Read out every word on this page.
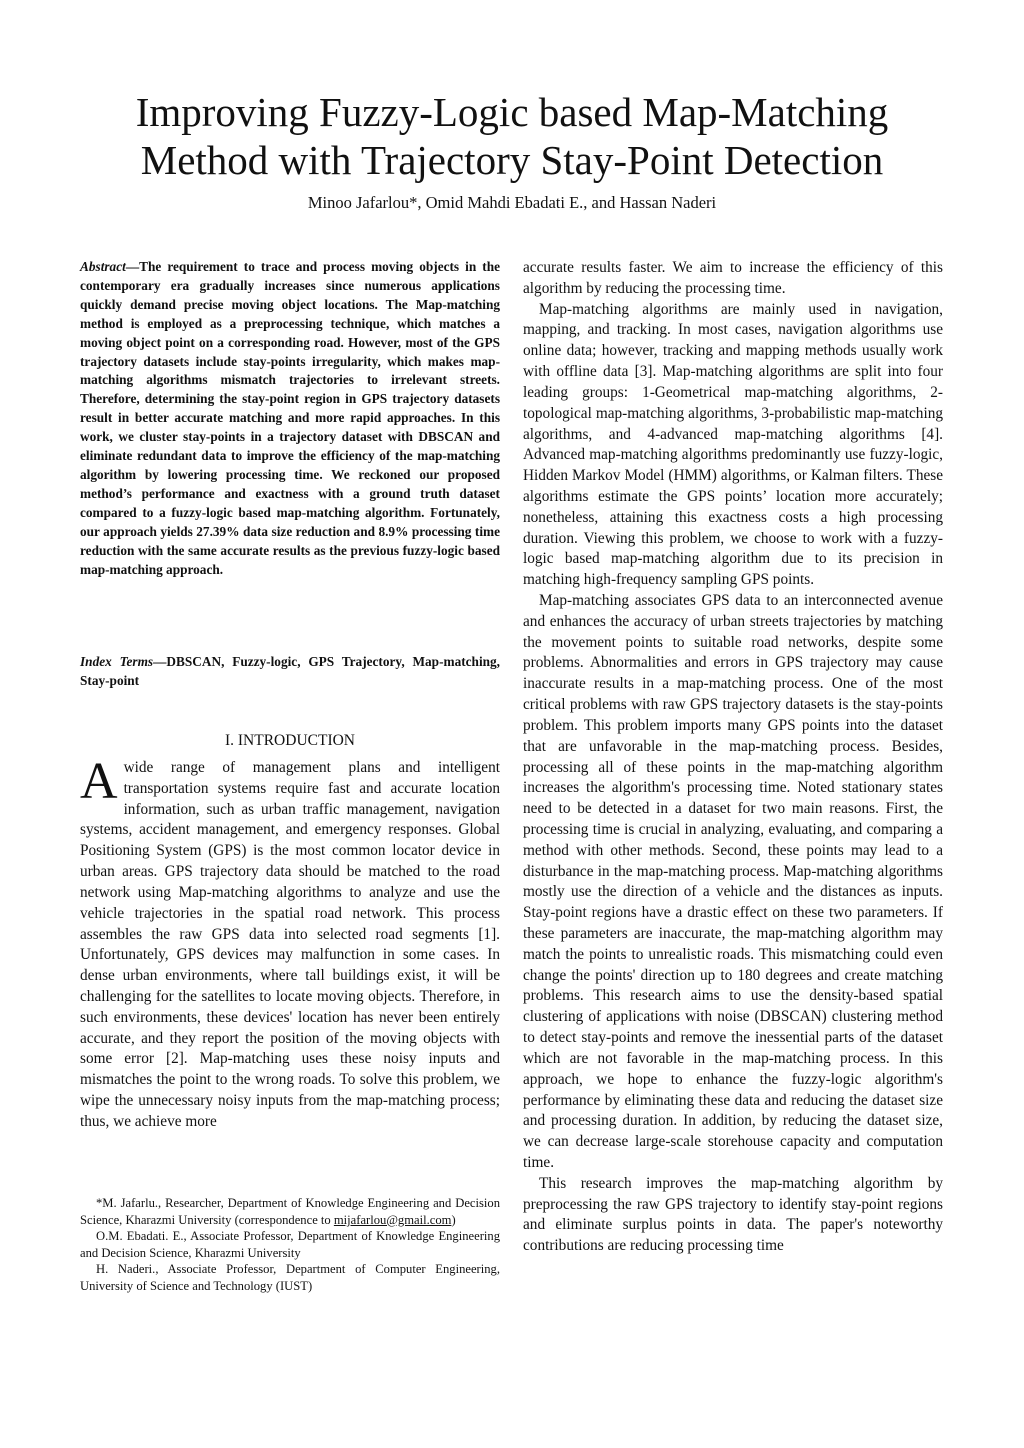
Improving Fuzzy-Logic based Map-Matching
Method with Trajectory Stay-Point Detection
Minoo Jafarlou*, Omid Mahdi Ebadati E., and Hassan Naderi
Abstract—The requirement to trace and process moving objects in the contemporary era gradually increases since numerous applications quickly demand precise moving object locations. The Map-matching method is employed as a preprocessing technique, which matches a moving object point on a corresponding road. However, most of the GPS trajectory datasets include stay-points irregularity, which makes map-matching algorithms mismatch trajectories to irrelevant streets. Therefore, determining the stay-point region in GPS trajectory datasets result in better accurate matching and more rapid approaches. In this work, we cluster stay-points in a trajectory dataset with DBSCAN and eliminate redundant data to improve the efficiency of the map-matching algorithm by lowering processing time. We reckoned our proposed method’s performance and exactness with a ground truth dataset compared to a fuzzy-logic based map-matching algorithm. Fortunately, our approach yields 27.39% data size reduction and 8.9% processing time reduction with the same accurate results as the previous fuzzy-logic based map-matching approach.
Index Terms—DBSCAN, Fuzzy-logic, GPS Trajectory, Map-matching, Stay-point
I. INTRODUCTION

Awide range of management plans and intelligent transportation systems require fast and accurate location information, such as urban traffic management, navigation systems, accident management, and emergency responses. Global Positioning System (GPS) is the most common locator device in urban areas. GPS trajectory data should be matched to the road network using Map-matching algorithms to analyze and use the vehicle trajectories in the spatial road network. This process assembles the raw GPS data into selected road segments [1]. Unfortunately, GPS devices may malfunction in some cases. In dense urban environments, where tall buildings exist, it will be challenging for the satellites to locate moving objects. Therefore, in such environments, these devices' location has never been entirely accurate, and they report the position of the moving objects with some error [2]. Map-matching uses these noisy inputs and mismatches the point to the wrong roads. To solve this problem, we wipe the unnecessary noisy inputs from the map-matching process; thus, we achieve more

*M. Jafarlu., Researcher, Department of Knowledge Engineering and Decision Science, Kharazmi University (correspondence to mijafarlou@gmail.com)

O.M. Ebadati. E., Associate Professor, Department of Knowledge Engineering and Decision Science, Kharazmi University

H. Naderi., Associate Professor, Department of Computer Engineering, University of Science and Technology (IUST)

accurate results faster. We aim to increase the efficiency of this algorithm by reducing the processing time.

Map-matching algorithms are mainly used in navigation, mapping, and tracking. In most cases, navigation algorithms use online data; however, tracking and mapping methods usually work with offline data [3]. Map-matching algorithms are split into four leading groups: 1-Geometrical map-matching algorithms, 2-topological map-matching algorithms, 3-probabilistic map-matching algorithms, and 4-advanced map-matching algorithms [4]. Advanced map-matching algorithms predominantly use fuzzy-logic, Hidden Markov Model (HMM) algorithms, or Kalman filters. These algorithms estimate the GPS points’ location more accurately; nonetheless, attaining this exactness costs a high processing duration. Viewing this problem, we choose to work with a fuzzy-logic based map-matching algorithm due to its precision in matching high-frequency sampling GPS points.

Map-matching associates GPS data to an interconnected avenue and enhances the accuracy of urban streets trajectories by matching the movement points to suitable road networks, despite some problems. Abnormalities and errors in GPS trajectory may cause inaccurate results in a map-matching process. One of the most critical problems with raw GPS trajectory datasets is the stay-points problem. This problem imports many GPS points into the dataset that are unfavorable in the map-matching process. Besides, processing all of these points in the map-matching algorithm increases the algorithm's processing time. Noted stationary states need to be detected in a dataset for two main reasons. First, the processing time is crucial in analyzing, evaluating, and comparing a method with other methods. Second, these points may lead to a disturbance in the map-matching process. Map-matching algorithms mostly use the direction of a vehicle and the distances as inputs. Stay-point regions have a drastic effect on these two parameters. If these parameters are inaccurate, the map-matching algorithm may match the points to unrealistic roads. This mismatching could even change the points' direction up to 180 degrees and create matching problems. This research aims to use the density-based spatial clustering of applications with noise (DBSCAN) clustering method to detect stay-points and remove the inessential parts of the dataset which are not favorable in the map-matching process. In this approach, we hope to enhance the fuzzy-logic algorithm's performance by eliminating these data and reducing the dataset size and processing duration. In addition, by reducing the dataset size, we can decrease large-scale storehouse capacity and computation time.

This research improves the map-matching algorithm by preprocessing the raw GPS trajectory to identify stay-point regions and eliminate surplus points in data. The paper's noteworthy contributions are reducing processing time
